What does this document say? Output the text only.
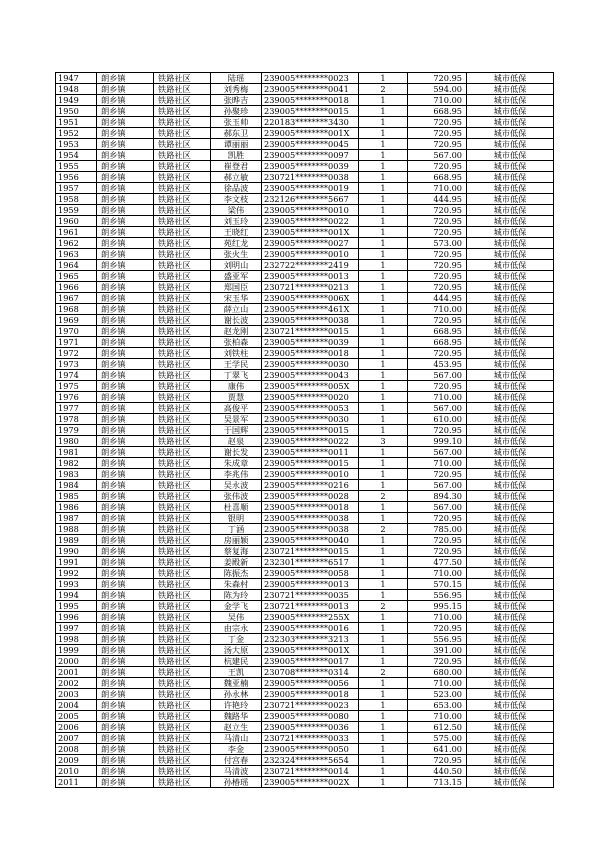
1947	朗乡镇	铁路社区	陆瑶	239005********0023	1	720.95	城市低保
1948	朗乡镇	铁路社区	刘秀梅	239005********0041	2	594.00	城市低保
1949	朗乡镇	铁路社区	张晔吉	239005********0018	1	710.00	城市低保
1950	朗乡镇	铁路社区	孙聚珍	239005********0015	1	668.95	城市低保
1951	朗乡镇	铁路社区	张玉帅	220183********3430	1	720.95	城市低保
1952	朗乡镇	铁路社区	郝东卫	239005********001X	1	720.95	城市低保
1953	朗乡镇	铁路社区	谭丽丽	239005********0045	1	720.95	城市低保
1954	朗乡镇	铁路社区	凯胜	239005********0097	1	567.00	城市低保
1955	朗乡镇	铁路社区	崔登君	239005********0039	1	720.95	城市低保
1956	朗乡镇	铁路社区	郝立敏	230721********0038	1	668.95	城市低保
1957	朗乡镇	铁路社区	徐品波	239005********0019	1	710.00	城市低保
1958	朗乡镇	铁路社区	李文枝	232126********5667	1	444.95	城市低保
1959	朗乡镇	铁路社区	梁伟	239005********0010	1	720.95	城市低保
1960	朗乡镇	铁路社区	刘玉玲	239005********0022	1	720.95	城市低保
1961	朗乡镇	铁路社区	王晓红	239005********001X	1	720.95	城市低保
1962	朗乡镇	铁路社区	苑红龙	239005********0027	1	573.00	城市低保
1963	朗乡镇	铁路社区	张火生	239005********0010	1	720.95	城市低保
1964	朗乡镇	铁路社区	刘明山	232722********2419	1	720.95	城市低保
1965	朗乡镇	铁路社区	盛亚军	239005********0013	1	720.95	城市低保
1966	朗乡镇	铁路社区	郑国臣	230721********0213	1	720.95	城市低保
1967	朗乡镇	铁路社区	宋玉华	239005********006X	1	444.95	城市低保
1968	朗乡镇	铁路社区	薛立山	239005********461X	1	710.00	城市低保
1969	朗乡镇	铁路社区	谢长波	239005********0038	1	720.95	城市低保
1970	朗乡镇	铁路社区	赵龙刚	230721********0015	1	668.95	城市低保
1971	朗乡镇	铁路社区	张柏森	239005********0039	1	668.95	城市低保
1972	朗乡镇	铁路社区	刘铁柱	239005********0018	1	720.95	城市低保
1973	朗乡镇	铁路社区	王学民	239005********0030	1	453.95	城市低保
1974	朗乡镇	铁路社区	丁翠飞	239005********0043	1	567.00	城市低保
1975	朗乡镇	铁路社区	康伟	239005********005X	1	720.95	城市低保
1976	朗乡镇	铁路社区	贾慧	239005********0020	1	710.00	城市低保
1977	朗乡镇	铁路社区	高俊平	239005********0053	1	567.00	城市低保
1978	朗乡镇	铁路社区	吴景军	239005********0030	1	610.00	城市低保
1979	朗乡镇	铁路社区	于国辉	239005********0015	1	720.95	城市低保
1980	朗乡镇	铁路社区	赵泉	239005********0022	3	999.10	城市低保
1981	朗乡镇	铁路社区	谢长发	239005********0011	1	567.00	城市低保
1982	朗乡镇	铁路社区	朱成章	239005********0015	1	710.00	城市低保
1983	朗乡镇	铁路社区	李兆伟	239005********0010	1	720.95	城市低保
1984	朗乡镇	铁路社区	吴永波	239005********0216	1	567.00	城市低保
1985	朗乡镇	铁路社区	张伟波	239005********0028	2	894.30	城市低保
1986	朗乡镇	铁路社区	杜喜顺	239005********0018	1	567.00	城市低保
1987	朗乡镇	铁路社区	银明	239005********0038	1	720.95	城市低保
1988	朗乡镇	铁路社区	丁涵	239005********0038	2	785.00	城市低保
1989	朗乡镇	铁路社区	房丽颖	239005********0040	1	720.95	城市低保
1990	朗乡镇	铁路社区	蔡复海	230721********0015	1	720.95	城市低保
1991	朗乡镇	铁路社区	姜殿新	232301********6517	1	477.50	城市低保
1992	朗乡镇	铁路社区	陈振杰	239005********0058	1	710.00	城市低保
1993	朗乡镇	铁路社区	朱森村	239005********0013	1	570.15	城市低保
1994	朗乡镇	铁路社区	陈为玲	230721********0035	1	556.95	城市低保
1995	朗乡镇	铁路社区	金学飞	230721********0013	2	995.15	城市低保
1996	朗乡镇	铁路社区	吴伟	239005********255X	1	710.00	城市低保
1997	朗乡镇	铁路社区	由宗永	239005********0016	1	720.95	城市低保
1998	朗乡镇	铁路社区	丁金	232303********3213	1	556.95	城市低保
1999	朗乡镇	铁路社区	汤大原	239005********001X	1	391.00	城市低保
2000	朗乡镇	铁路社区	杭建民	239005********0017	1	720.95	城市低保
2001	朗乡镇	铁路社区	王凯	230708********0314	2	680.00	城市低保
2002	朗乡镇	铁路社区	魏亚楠	239005********0056	1	710.00	城市低保
2003	朗乡镇	铁路社区	孙永林	239005********0018	1	523.00	城市低保
2004	朗乡镇	铁路社区	许艳玲	230721********0023	1	653.00	城市低保
2005	朗乡镇	铁路社区	魏路华	239005********0080	1	710.00	城市低保
2006	朗乡镇	铁路社区	赵立生	239005********0036	1	612.50	城市低保
2007	朗乡镇	铁路社区	马清山	230721********0033	1	575.00	城市低保
2008	朗乡镇	铁路社区	李金	239005********0050	1	641.00	城市低保
2009	朗乡镇	铁路社区	付宫春	232324********5654	1	720.95	城市低保
2010	朗乡镇	铁路社区	马清波	230721********0014	1	440.50	城市低保
2011	朗乡镇	铁路社区	孙椿瑶	239005********002X	1	713.15	城市低保
